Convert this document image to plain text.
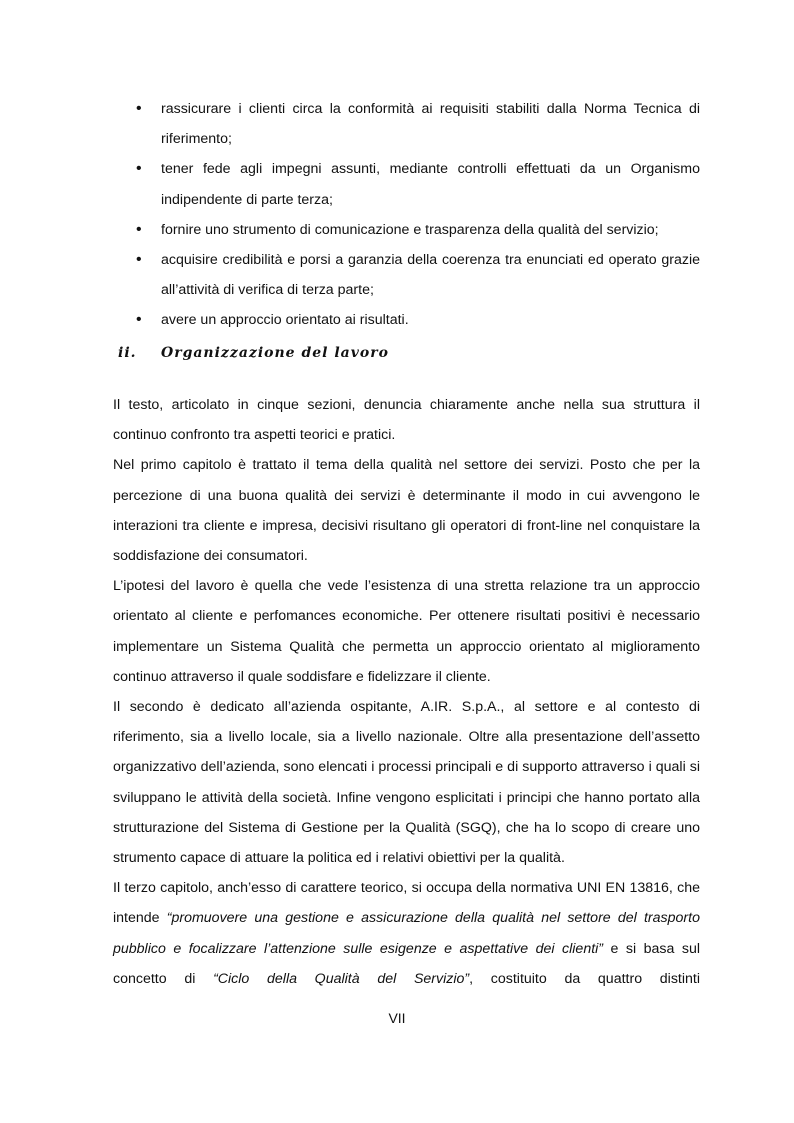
• rassicurare i clienti circa la conformità ai requisiti stabiliti dalla Norma Tecnica di riferimento;
• tener fede agli impegni assunti, mediante controlli effettuati da un Organismo indipendente di parte terza;
• fornire uno strumento di comunicazione e trasparenza della qualità del servizio;
• acquisire credibilità e porsi a garanzia della coerenza tra enunciati ed operato grazie all’attività di verifica di terza parte;
• avere un approccio orientato ai risultati.
ii. Organizzazione del lavoro

Il testo, articolato in cinque sezioni, denuncia chiaramente anche nella sua struttura il continuo confronto tra aspetti teorici e pratici.

Nel primo capitolo è trattato il tema della qualità nel settore dei servizi. Posto che per la percezione di una buona qualità dei servizi è determinante il modo in cui avvengono le interazioni tra cliente e impresa, decisivi risultano gli operatori di front-line nel conquistare la soddisfazione dei consumatori.

L’ipotesi del lavoro è quella che vede l’esistenza di una stretta relazione tra un approccio orientato al cliente e perfomances economiche. Per ottenere risultati positivi è necessario implementare un Sistema Qualità che permetta un approccio orientato al miglioramento continuo attraverso il quale soddisfare e fidelizzare il cliente.

Il secondo è dedicato all’azienda ospitante, A.IR. S.p.A., al settore e al contesto di riferimento, sia a livello locale, sia a livello nazionale. Oltre alla presentazione dell’assetto organizzativo dell’azienda, sono elencati i processi principali e di supporto attraverso i quali si sviluppano le attività della società. Infine vengono esplicitati i principi che hanno portato alla strutturazione del Sistema di Gestione per la Qualità (SGQ), che ha lo scopo di creare uno strumento capace di attuare la politica ed i relativi obiettivi per la qualità.

Il terzo capitolo, anch’esso di carattere teorico, si occupa della normativa UNI EN 13816, che intende “promuovere una gestione e assicurazione della qualità nel settore del trasporto pubblico e focalizzare l’attenzione sulle esigenze e aspettative dei clienti” e si basa sul concetto di “Ciclo della Qualità del Servizio”, costituito da quattro distinti

VII
